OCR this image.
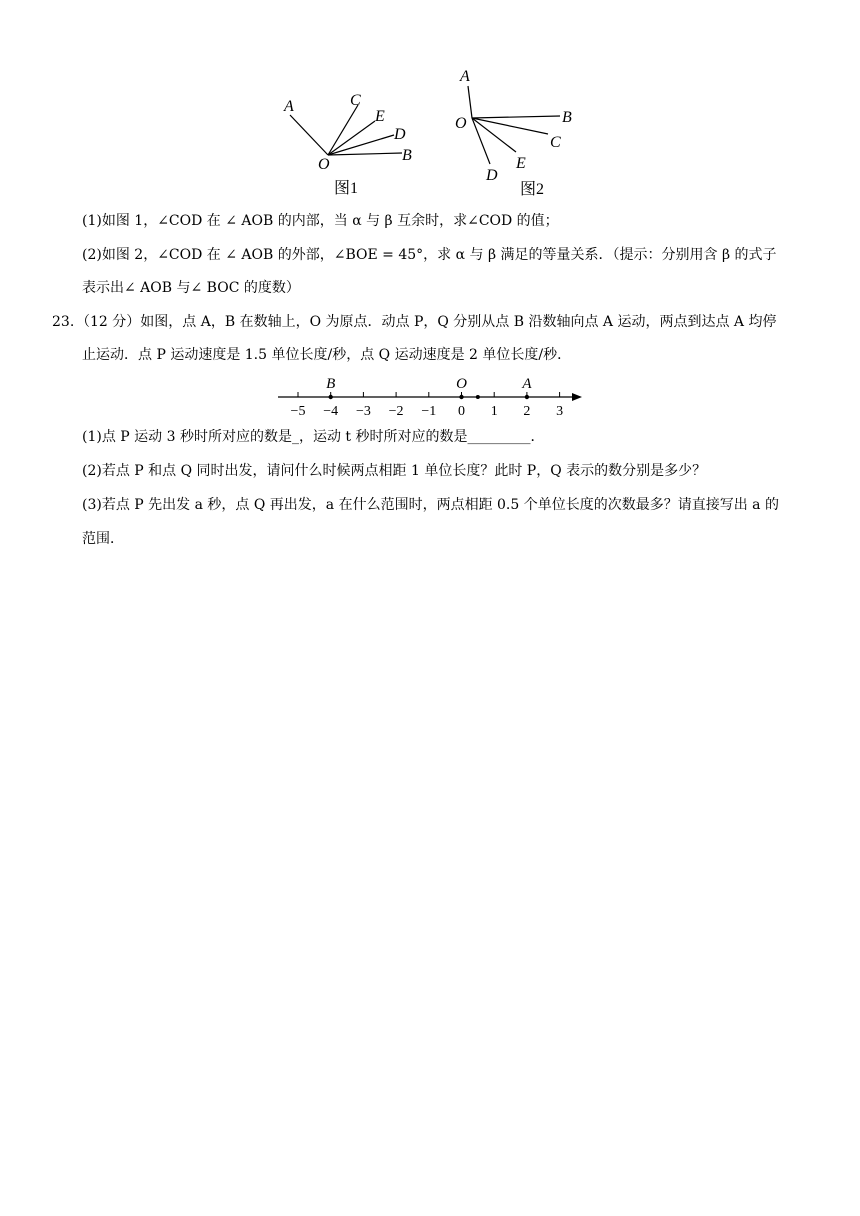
A	C
E
D
B
O
图1
A
O	B
C
E
D
图2
(1)如图 1，∠COD 在 ∠ AOB 的内部，当 α 与 β 互余时，求∠COD 的值；
(2)如图 2，∠COD 在 ∠ AOB 的外部，∠BOE = 45°，求 α 与 β 满足的等量关系．（提示：分别用含 β 的式子
表示出∠ AOB 与∠ BOC 的度数）
23. （12 分）如图，点 A，B 在数轴上，O 为原点．动点 P，Q 分别从点 B 沿数轴向点 A 运动，两点到达点 A 均停
止运动．点 P 运动速度是 1.5 单位长度/秒，点 Q 运动速度是 2 单位长度/秒．
−5 −4 −3 −2 −1 0 1 2 3
B	O	A
(1)点 P 运动 3 秒时所对应的数是_，运动 t 秒时所对应的数是_________．
(2)若点 P 和点 Q 同时出发，请问什么时候两点相距 1 单位长度？此时 P，Q 表示的数分别是多少？
(3)若点 P 先出发 a 秒，点 Q 再出发，a 在什么范围时，两点相距 0.5 个单位长度的次数最多？请直接写出 a 的
范围．
